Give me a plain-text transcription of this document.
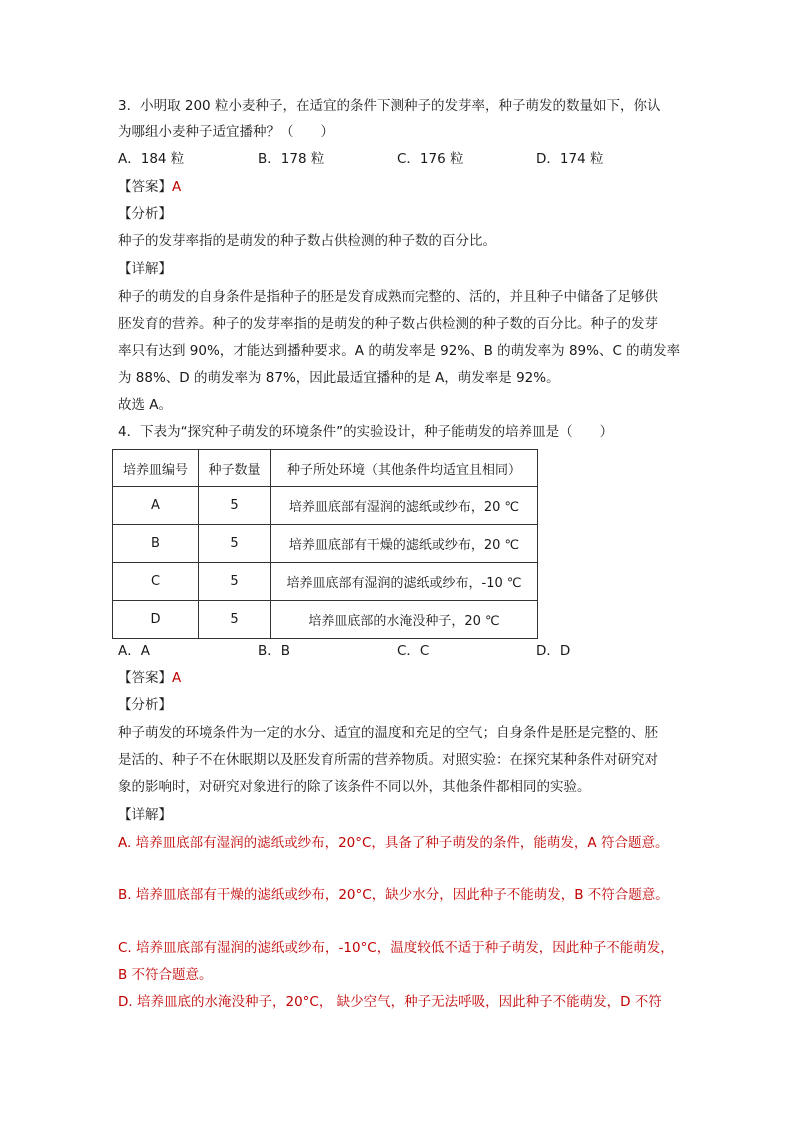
3．小明取 200 粒小麦种子，在适宜的条件下测种子的发芽率，种子萌发的数量如下，你认
为哪组小麦种子适宜播种？（　　）
A．184 粒	B．178 粒	C．176 粒	D．174 粒
【答案】A
【分析】
种子的发芽率指的是萌发的种子数占供检测的种子数的百分比。
【详解】
种子的萌发的自身条件是指种子的胚是发育成熟而完整的、活的，并且种子中储备了足够供
胚发育的营养。种子的发芽率指的是萌发的种子数占供检测的种子数的百分比。种子的发芽
率只有达到 90%，才能达到播种要求。A 的萌发率是 92%、B 的萌发率为 89%、C 的萌发率
为 88%、D 的萌发率为 87%，因此最适宜播种的是 A，萌发率是 92%。
故选 A。
4．下表为“探究种子萌发的环境条件”的实验设计，种子能萌发的培养皿是（　　）
培养皿编号	种子数量	种子所处环境（其他条件均适宜且相同）
A	5	培养皿底部有湿润的滤纸或纱布，20 ℃
B	5	培养皿底部有干燥的滤纸或纱布，20 ℃
C	5	培养皿底部有湿润的滤纸或纱布，-10 ℃
D	5	培养皿底部的水淹没种子，20 ℃
A．A	B．B	C．C	D．D
【答案】A
【分析】
种子萌发的环境条件为一定的水分、适宜的温度和充足的空气；自身条件是胚是完整的、胚
是活的、种子不在休眠期以及胚发育所需的营养物质。对照实验：在探究某种条件对研究对
象的影响时，对研究对象进行的除了该条件不同以外，其他条件都相同的实验。
【详解】
A. 培养皿底部有湿润的滤纸或纱布，20°C，具备了种子萌发的条件，能萌发，A 符合题意。
B. 培养皿底部有干燥的滤纸或纱布，20°C，缺少水分，因此种子不能萌发，B 不符合题意。
C. 培养皿底部有湿润的滤纸或纱布，-10°C，温度较低不适于种子萌发，因此种子不能萌发，
B 不符合题意。
D. 培养皿底的水淹没种子，20°C， 缺少空气，种子无法呼吸，因此种子不能萌发，D 不符
